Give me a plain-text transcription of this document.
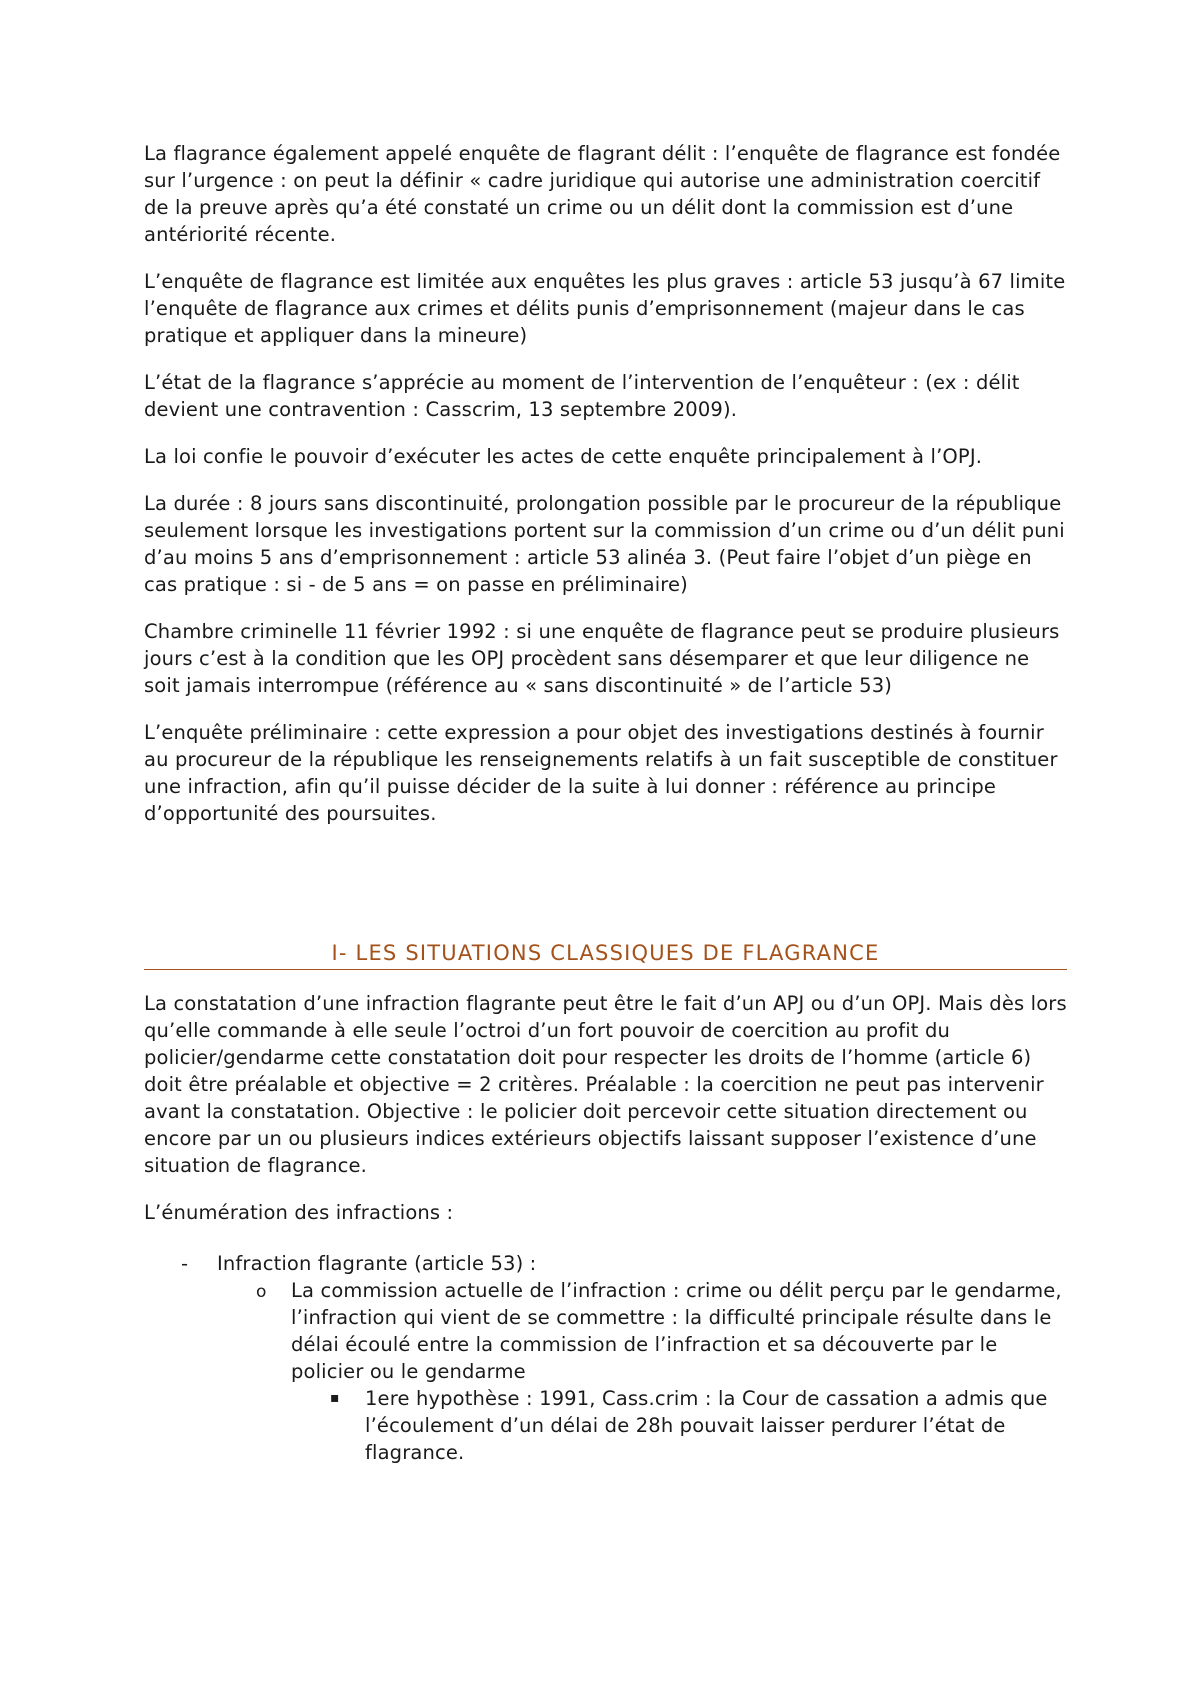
La flagrance également appelé enquête de flagrant délit : l’enquête de flagrance est fondée sur l’urgence : on peut la définir « cadre juridique qui autorise une administration coercitif de la preuve après qu’a été constaté un crime ou un délit dont la commission est d’une antériorité récente.

L’enquête de flagrance est limitée aux enquêtes les plus graves : article 53 jusqu’à 67 limite l’enquête de flagrance aux crimes et délits punis d’emprisonnement (majeur dans le cas pratique et appliquer dans la mineure)

L’état de la flagrance s’apprécie au moment de l’intervention de l’enquêteur : (ex : délit devient une contravention : Casscrim, 13 septembre 2009).

La loi confie le pouvoir d’exécuter les actes de cette enquête principalement à l’OPJ.

La durée : 8 jours sans discontinuité, prolongation possible par le procureur de la république seulement lorsque les investigations portent sur la commission d’un crime ou d’un délit puni d’au moins 5 ans d’emprisonnement : article 53 alinéa 3. (Peut faire l’objet d’un piège en cas pratique : si - de 5 ans = on passe en préliminaire)

Chambre criminelle 11 février 1992 : si une enquête de flagrance peut se produire plusieurs jours c’est à la condition que les OPJ procèdent sans désemparer et que leur diligence ne soit jamais interrompue (référence au « sans discontinuité » de l’article 53)

L’enquête préliminaire : cette expression a pour objet des investigations destinés à fournir au procureur de la république les renseignements relatifs à un fait susceptible de constituer une infraction, afin qu’il puisse décider de la suite à lui donner : référence au principe d’opportunité des poursuites.

I- LES SITUATIONS CLASSIQUES DE FLAGRANCE

La constatation d’une infraction flagrante peut être le fait d’un APJ ou d’un OPJ. Mais dès lors qu’elle commande à elle seule l’octroi d’un fort pouvoir de coercition au profit du policier/gendarme cette constatation doit pour respecter les droits de l’homme (article 6) doit être préalable et objective = 2 critères. Préalable : la coercition ne peut pas intervenir avant la constatation. Objective : le policier doit percevoir cette situation directement ou encore par un ou plusieurs indices extérieurs objectifs laissant supposer l’existence d’une situation de flagrance.

L’énumération des infractions :

- Infraction flagrante (article 53) :
o La commission actuelle de l’infraction : crime ou délit perçu par le gendarme, l’infraction qui vient de se commettre : la difficulté principale résulte dans le délai écoulé entre la commission de l’infraction et sa découverte par le policier ou le gendarme
▪ 1ere hypothèse : 1991, Cass.crim : la Cour de cassation a admis que l’écoulement d’un délai de 28h pouvait laisser perdurer l’état de flagrance.
